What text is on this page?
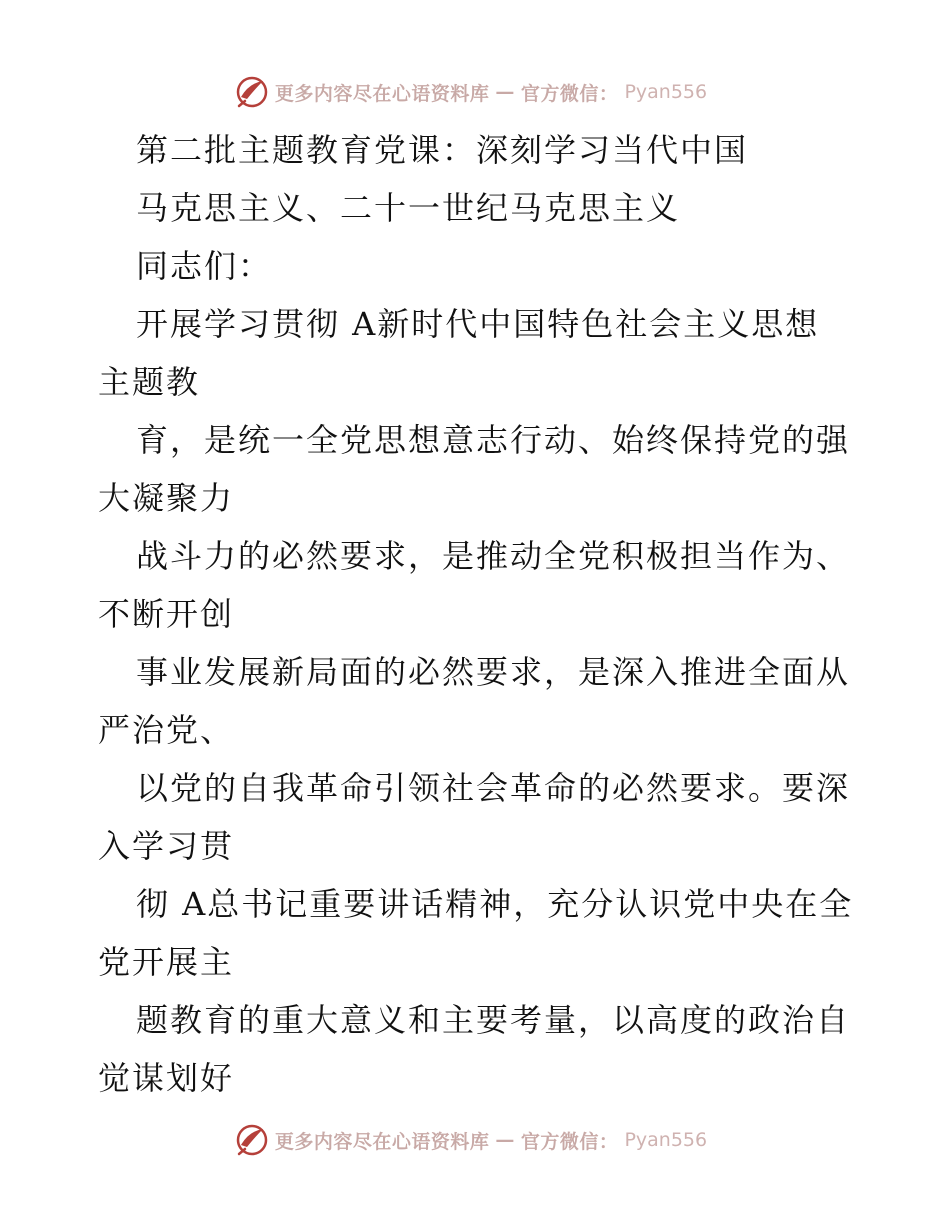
更多内容尽在心语资料库 — 官方微信： Pyan556
第二批主题教育党课：深刻学习当代中国
马克思主义、二十一世纪马克思主义
同志们：
开展学习贯彻 A新时代中国特色社会主义思想
主题教
育，是统一全党思想意志行动、始终保持党的强
大凝聚力
战斗力的必然要求，是推动全党积极担当作为、
不断开创
事业发展新局面的必然要求，是深入推进全面从
严治党、
以党的自我革命引领社会革命的必然要求。要深
入学习贯
彻 A总书记重要讲话精神，充分认识党中央在全
党开展主
题教育的重大意义和主要考量，以高度的政治自
觉谋划好
更多内容尽在心语资料库 — 官方微信： Pyan556
